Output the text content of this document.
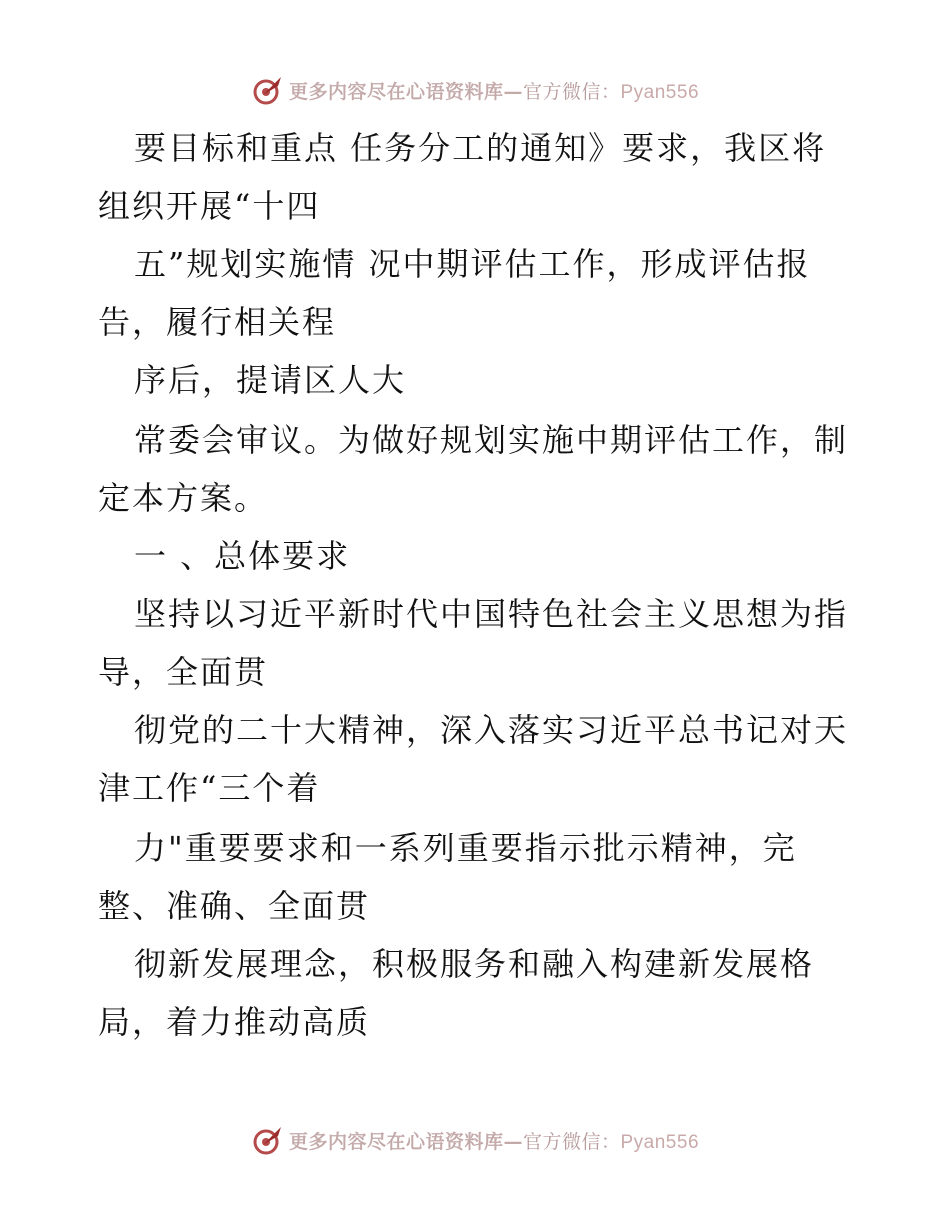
更多内容尽在心语资料库—官方微信：Pyan556
要目标和重点 任务分工的通知》要求，我区将
组织开展“十四
五”规划实施情 况中期评估工作，形成评估报
告，履行相关程
序后，提请区人大
常委会审议。为做好规划实施中期评估工作，制
定本方案。
一 、总体要求
坚持以习近平新时代中国特色社会主义思想为指
导，全面贯
彻党的二十大精神，深入落实习近平总书记对天
津工作“三个着
力"重要要求和一系列重要指示批示精神，完
整、准确、全面贯
彻新发展理念，积极服务和融入构建新发展格
局，着力推动高质
更多内容尽在心语资料库—官方微信：Pyan556
